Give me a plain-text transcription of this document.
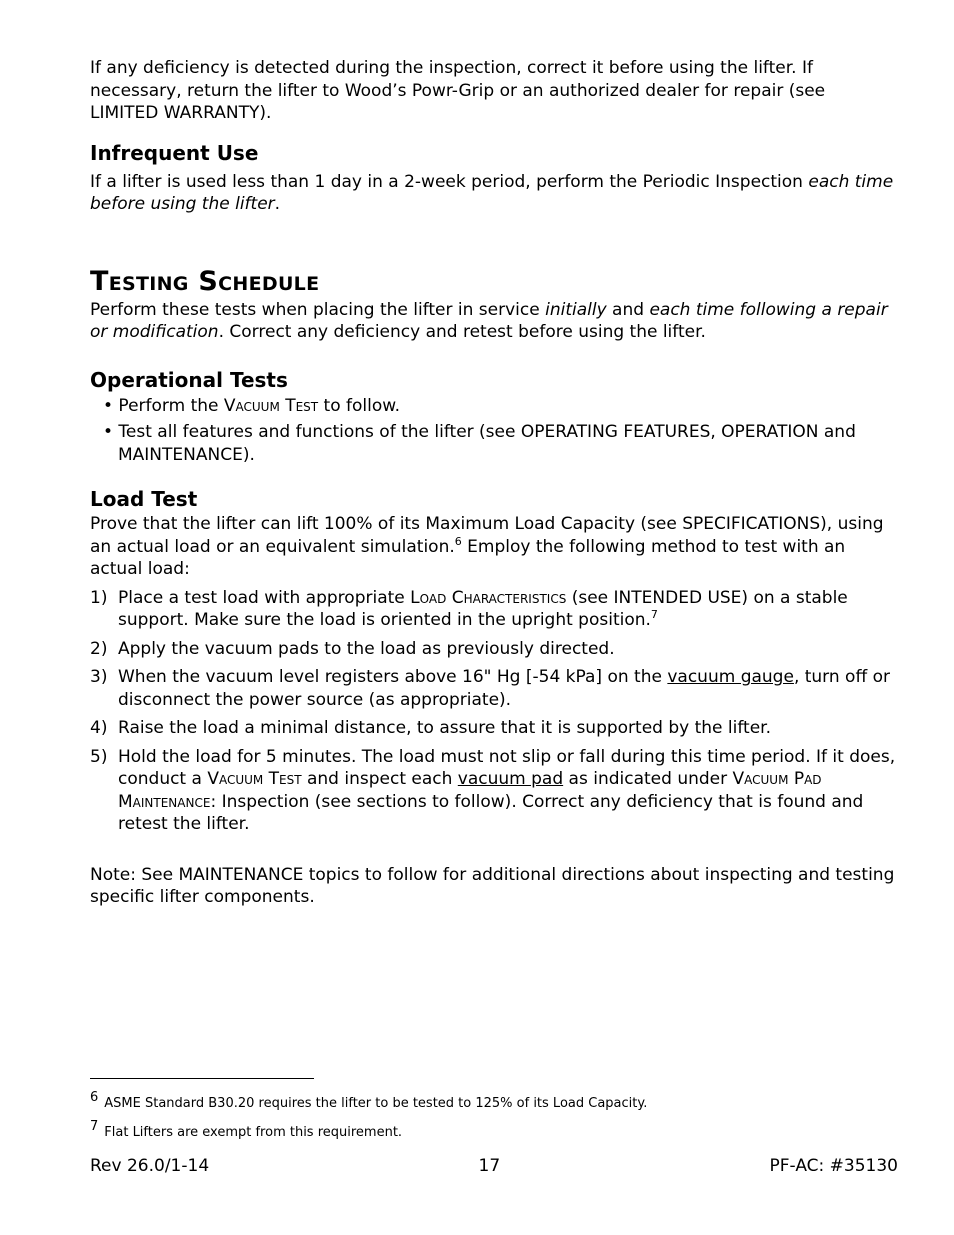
If any deficiency is detected during the inspection, correct it before using the lifter. If necessary, return the lifter to Wood’s Powr-Grip or an authorized dealer for repair (see LIMITED WARRANTY).

Infrequent Use

If a lifter is used less than 1 day in a 2-week period, perform the Periodic Inspection each time before using the lifter.

Testing Schedule

Perform these tests when placing the lifter in service initially and each time following a repair or modification. Correct any deficiency and retest before using the lifter.

Operational Tests

• Perform the Vacuum Test to follow.

• Test all features and functions of the lifter (see OPERATING FEATURES, OPERATION and MAINTENANCE).

Load Test

Prove that the lifter can lift 100% of its Maximum Load Capacity (see SPECIFICATIONS), using an actual load or an equivalent simulation.$^6$ Employ the following method to test with an actual load:

1) Place a test load with appropriate Load Characteristics (see INTENDED USE) on a stable support. Make sure the load is oriented in the upright position.$^7$
2) Apply the vacuum pads to the load as previously directed.
3) When the vacuum level registers above 16" Hg [-54 kPa] on the vacuum gauge, turn off or disconnect the power source (as appropriate).
4) Raise the load a minimal distance, to assure that it is supported by the lifter.
5) Hold the load for 5 minutes. The load must not slip or fall during this time period. If it does, conduct a Vacuum Test and inspect each vacuum pad as indicated under Vacuum Pad Maintenance: Inspection (see sections to follow). Correct any deficiency that is found and retest the lifter.

Note: See MAINTENANCE topics to follow for additional directions about inspecting and testing specific lifter components.

$^6$ ASME Standard B30.20 requires the lifter to be tested to 125% of its Load Capacity.
$^7$ Flat Lifters are exempt from this requirement.
Rev 26.0/1-14	17	PF-AC: #35130
